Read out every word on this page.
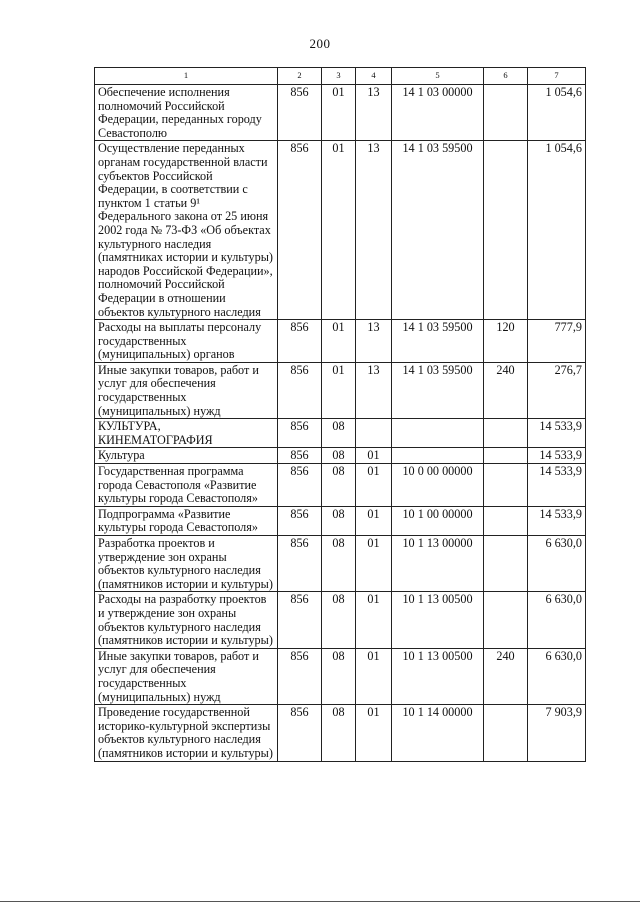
200
1	2	3	4	5	6	7
Обеспечение исполнения полномочий Российской Федерации, переданных городу Севастополю	856	01	13	14 1 03 00000		1 054,6
Осуществление переданных органам государственной власти субъектов Российской Федерации, в соответствии с пунктом 1 статьи 9¹ Федерального закона от 25 июня 2002 года № 73-ФЗ «Об объектах культурного наследия (памятниках истории и культуры) народов Российской Федерации», полномочий Российской Федерации в отношении объектов культурного наследия	856	01	13	14 1 03 59500		1 054,6
Расходы на выплаты персоналу государственных (муниципальных) органов	856	01	13	14 1 03 59500	120	777,9
Иные закупки товаров, работ и услуг для обеспечения государственных (муниципальных) нужд	856	01	13	14 1 03 59500	240	276,7
КУЛЬТУРА, КИНЕМАТОГРАФИЯ	856	08				14 533,9
Культура	856	08	01			14 533,9
Государственная программа города Севастополя «Развитие культуры города Севастополя»	856	08	01	10 0 00 00000		14 533,9
Подпрограмма «Развитие культуры города Севастополя»	856	08	01	10 1 00 00000		14 533,9
Разработка проектов и утверждение зон охраны объектов культурного наследия (памятников истории и культуры)	856	08	01	10 1 13 00000		6 630,0
Расходы на разработку проектов и утверждение зон охраны объектов культурного наследия (памятников истории и культуры)	856	08	01	10 1 13 00500		6 630,0
Иные закупки товаров, работ и услуг для обеспечения государственных (муниципальных) нужд	856	08	01	10 1 13 00500	240	6 630,0
Проведение государственной историко-культурной экспертизы объектов культурного наследия (памятников истории и культуры)	856	08	01	10 1 14 00000		7 903,9
